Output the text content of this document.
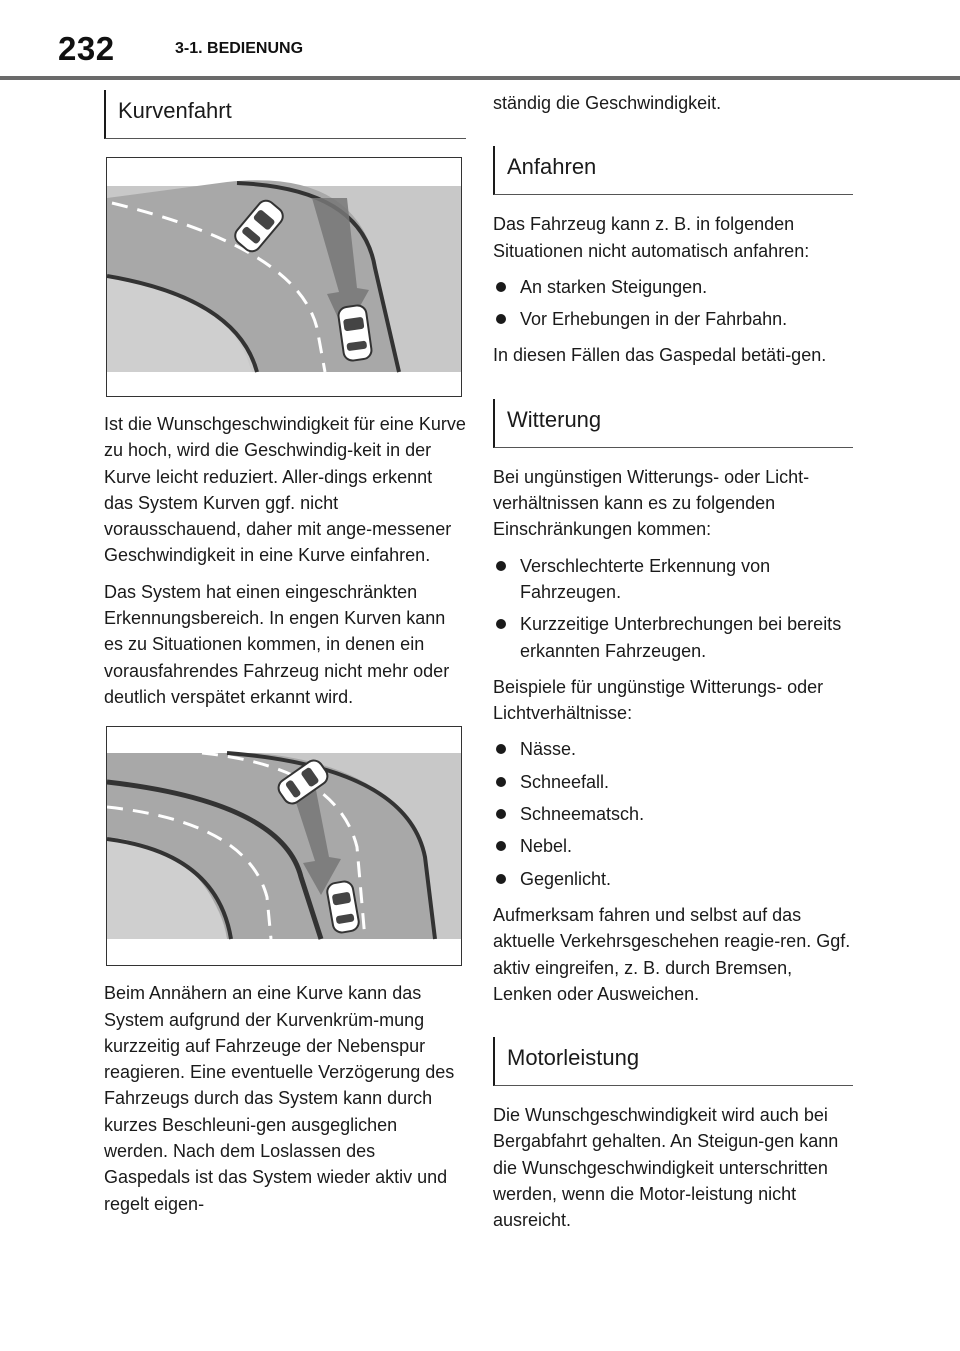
232	3-1. BEDIENUNG
Kurvenfahrt

Ist die Wunschgeschwindigkeit für eine Kurve zu hoch, wird die Geschwindig-keit in der Kurve leicht reduziert. Aller-dings erkennt das System Kurven ggf. nicht vorausschauend, daher mit ange-messener Geschwindigkeit in eine Kurve einfahren.

Das System hat einen eingeschränkten Erkennungsbereich. In engen Kurven kann es zu Situationen kommen, in denen ein vorausfahrendes Fahrzeug nicht mehr oder deutlich verspätet erkannt wird.

Beim Annähern an eine Kurve kann das System aufgrund der Kurvenkrüm-mung kurzzeitig auf Fahrzeuge der Nebenspur reagieren. Eine eventuelle Verzögerung des Fahrzeugs durch das System kann durch kurzes Beschleuni-gen ausgeglichen werden. Nach dem Loslassen des Gaspedals ist das System wieder aktiv und regelt eigen-

ständig die Geschwindigkeit.

Anfahren

Das Fahrzeug kann z. B. in folgenden Situationen nicht automatisch anfahren:

An starken Steigungen.
Vor Erhebungen in der Fahrbahn.

In diesen Fällen das Gaspedal betäti-gen.

Witterung

Bei ungünstigen Witterungs- oder Licht-verhältnissen kann es zu folgenden Einschränkungen kommen:

Verschlechterte Erkennung von Fahrzeugen.
Kurzzeitige Unterbrechungen bei bereits erkannten Fahrzeugen.

Beispiele für ungünstige Witterungs- oder Lichtverhältnisse:

Nässe.
Schneefall.
Schneematsch.
Nebel.
Gegenlicht.

Aufmerksam fahren und selbst auf das aktuelle Verkehrsgeschehen reagie-ren. Ggf. aktiv eingreifen, z. B. durch Bremsen, Lenken oder Ausweichen.

Motorleistung

Die Wunschgeschwindigkeit wird auch bei Bergabfahrt gehalten. An Steigun-gen kann die Wunschgeschwindigkeit unterschritten werden, wenn die Motor-leistung nicht ausreicht.
